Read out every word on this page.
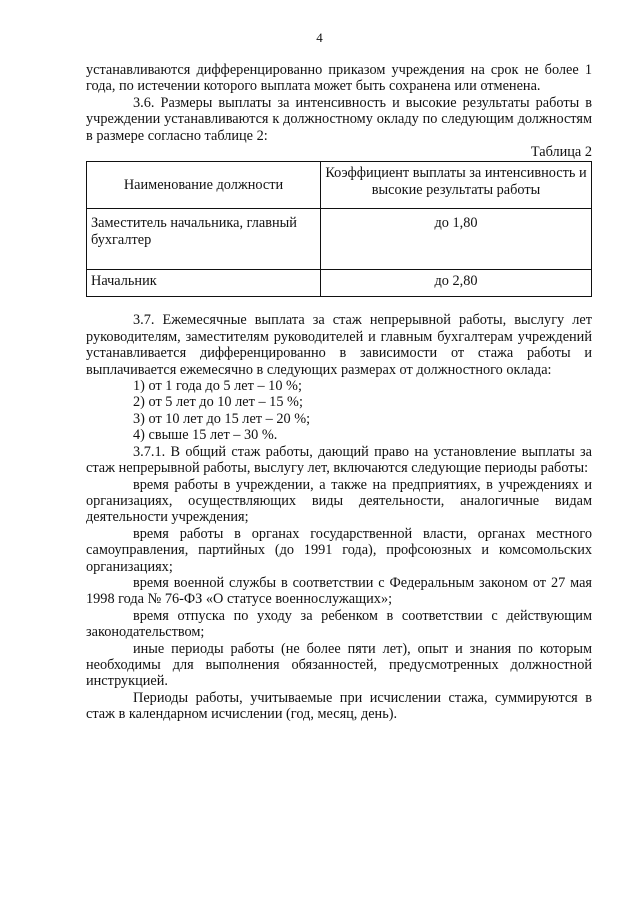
4

устанавливаются дифференцированно приказом учреждения на срок не более 1 года, по истечении которого выплата может быть сохранена или отменена.

3.6. Размеры выплаты за интенсивность и высокие результаты работы в учреждении устанавливаются к должностному окладу по следующим должностям в размере согласно таблице 2:

Таблица 2

Наименование должности	Коэффициент выплаты за интенсивность и высокие результаты работы
Заместитель начальника, главный бухгалтер	до 1,80
Начальник	до 2,80

3.7. Ежемесячные выплата за стаж непрерывной работы, выслугу лет руководителям, заместителям руководителей и главным бухгалтерам учреждений устанавливается дифференцированно в зависимости от стажа работы и выплачивается ежемесячно в следующих размерах от должностного оклада:

1) от 1 года до 5 лет – 10 %;

2) от 5 лет до 10 лет – 15 %;

3) от 10 лет до 15 лет – 20 %;

4) свыше 15 лет – 30 %.

3.7.1. В общий стаж работы, дающий право на установление выплаты за стаж непрерывной работы, выслугу лет, включаются следующие периоды работы:

время работы в учреждении, а также на предприятиях, в учреждениях и организациях, осуществляющих виды деятельности, аналогичные видам деятельности учреждения;

время работы в органах государственной власти, органах местного самоуправления, партийных (до 1991 года), профсоюзных и комсомольских организациях;

время военной службы в соответствии с Федеральным законом от 27 мая 1998 года № 76-ФЗ «О статусе военнослужащих»;

время отпуска по уходу за ребенком в соответствии с действующим законодательством;

иные периоды работы (не более пяти лет), опыт и знания по которым необходимы для выполнения обязанностей, предусмотренных должностной инструкцией.

Периоды работы, учитываемые при исчислении стажа, суммируются в стаж в календарном исчислении (год, месяц, день).
